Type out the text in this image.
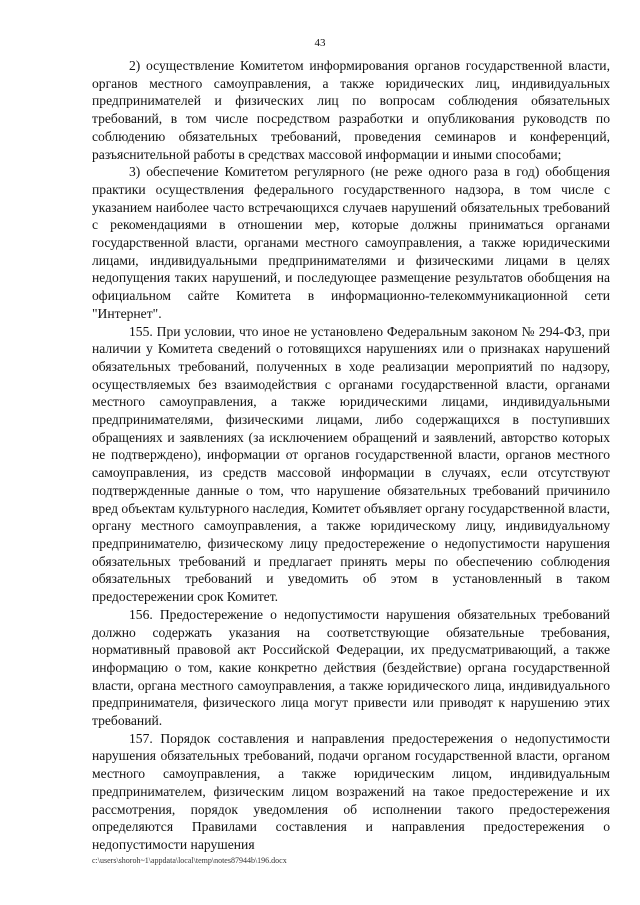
43

2) осуществление Комитетом информирования органов государственной власти, органов местного самоуправления, а также юридических лиц, индивидуальных предпринимателей и физических лиц по вопросам соблюдения обязательных требований, в том числе посредством разработки и опубликования руководств по соблюдению обязательных требований, проведения семинаров и конференций, разъяснительной работы в средствах массовой информации и иными способами;

3) обеспечение Комитетом регулярного (не реже одного раза в год) обобщения практики осуществления федерального государственного надзора, в том числе с указанием наиболее часто встречающихся случаев нарушений обязательных требований с рекомендациями в отношении мер, которые должны приниматься органами государственной власти, органами местного самоуправления, а также юридическими лицами, индивидуальными предпринимателями и физическими лицами в целях недопущения таких нарушений, и последующее размещение результатов обобщения на официальном сайте Комитета в информационно-телекоммуникационной сети "Интернет".

155. При условии, что иное не установлено Федеральным законом № 294-ФЗ, при наличии у Комитета сведений о готовящихся нарушениях или о признаках нарушений обязательных требований, полученных в ходе реализации мероприятий по надзору, осуществляемых без взаимодействия с органами государственной власти, органами местного самоуправления, а также юридическими лицами, индивидуальными предпринимателями, физическими лицами, либо содержащихся в поступивших обращениях и заявлениях (за исключением обращений и заявлений, авторство которых не подтверждено), информации от органов государственной власти, органов местного самоуправления, из средств массовой информации в случаях, если отсутствуют подтвержденные данные о том, что нарушение обязательных требований причинило вред объектам культурного наследия, Комитет объявляет органу государственной власти, органу местного самоуправления, а также юридическому лицу, индивидуальному предпринимателю, физическому лицу предостережение о недопустимости нарушения обязательных требований и предлагает принять меры по обеспечению соблюдения обязательных требований и уведомить об этом в установленный в таком предостережении срок Комитет.

156. Предостережение о недопустимости нарушения обязательных требований должно содержать указания на соответствующие обязательные требования, нормативный правовой акт Российской Федерации, их предусматривающий, а также информацию о том, какие конкретно действия (бездействие) органа государственной власти, органа местного самоуправления, а также юридического лица, индивидуального предпринимателя, физического лица могут привести или приводят к нарушению этих требований.

157. Порядок составления и направления предостережения о недопустимости нарушения обязательных требований, подачи органом государственной власти, органом местного самоуправления, а также юридическим лицом, индивидуальным предпринимателем, физическим лицом возражений на такое предостережение и их рассмотрения, порядок уведомления об исполнении такого предостережения определяются Правилами составления и направления предостережения о недопустимости нарушения

c:\users\shoroh~1\appdata\local\temp\notes87944b\196.docx
